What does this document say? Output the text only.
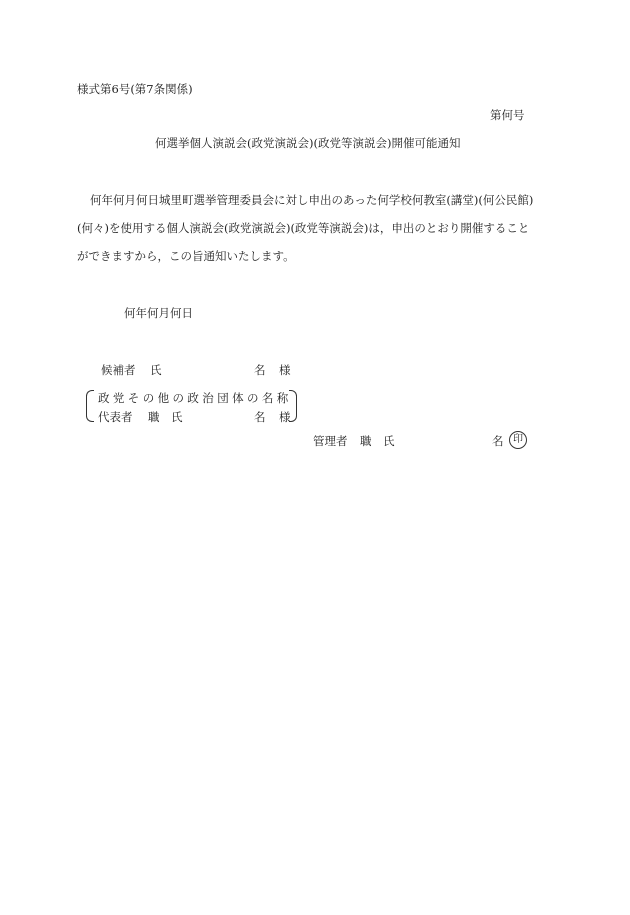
様式第6号(第7条関係)
第何号
何選挙個人演説会(政党演説会)(政党等演説会)開催可能通知
何年何月何日城里町選挙管理委員会に対し申出のあった何学校何教室(講堂)(何公民館)
(何々)を使用する個人演説会(政党演説会)(政党等演説会)は，申出のとおり開催すること
ができますから，この旨通知いたします。
何年何月何日
候補者 氏	名 様
政党その他の政治団体の名称
代表者 職　 氏	名 様
管理者 職　 氏	名 印
